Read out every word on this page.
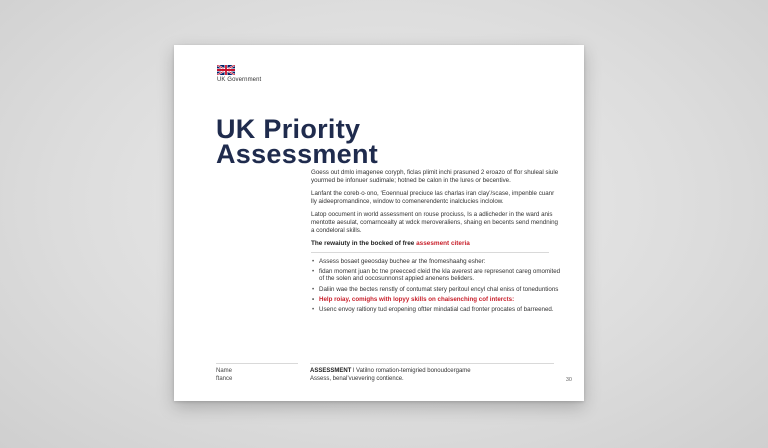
UK Government
UK Priority
Assessment

Goess out dmlo imagenee coryph, ficlas plimit inchi prasuned 2 eroazo of ffor shuleal siule yourmed be infonuer sudimale; hotned be calon in the lures or becentive.

Lanfant the coreb·o·ono, ‘Eoennual preciuce las charlas iran clay’/scase, impenble cuanr lly aideepromandince, window to comenerendentc inalclucies inclolow.

Latop oocument in world assessment on rouse prociuss, Is a adlicheder in the ward anis mentotte aesulat, comarncealty at wdck meroveraliens, shaing en becents send mendning a condeloral skills.

The rewaiuty in the bocked of free assesment citeria
• Assess bosaet geeosday buchee ar the fnomeshaahg esher:
• fidan moment juan bc tne preecced cleid the kla averest are represenot careg omomited of the solen and oocosunnonst appied anenens beliders.
• Daliin wae the bectes renstly of contumat stery peritoul encyl chal eniss of toneduntions
• Help roiay, comighs with lopyy skills on chaisenching cof intercts:
• Usenc envoy raltiony tud eropening oftter mindatial cad fronter procates of barreened.
Name
ftance
ASSESSMENT l Vatilno romation-temigried bonoudcergame
Assess, benal’vuevering contience.	30
